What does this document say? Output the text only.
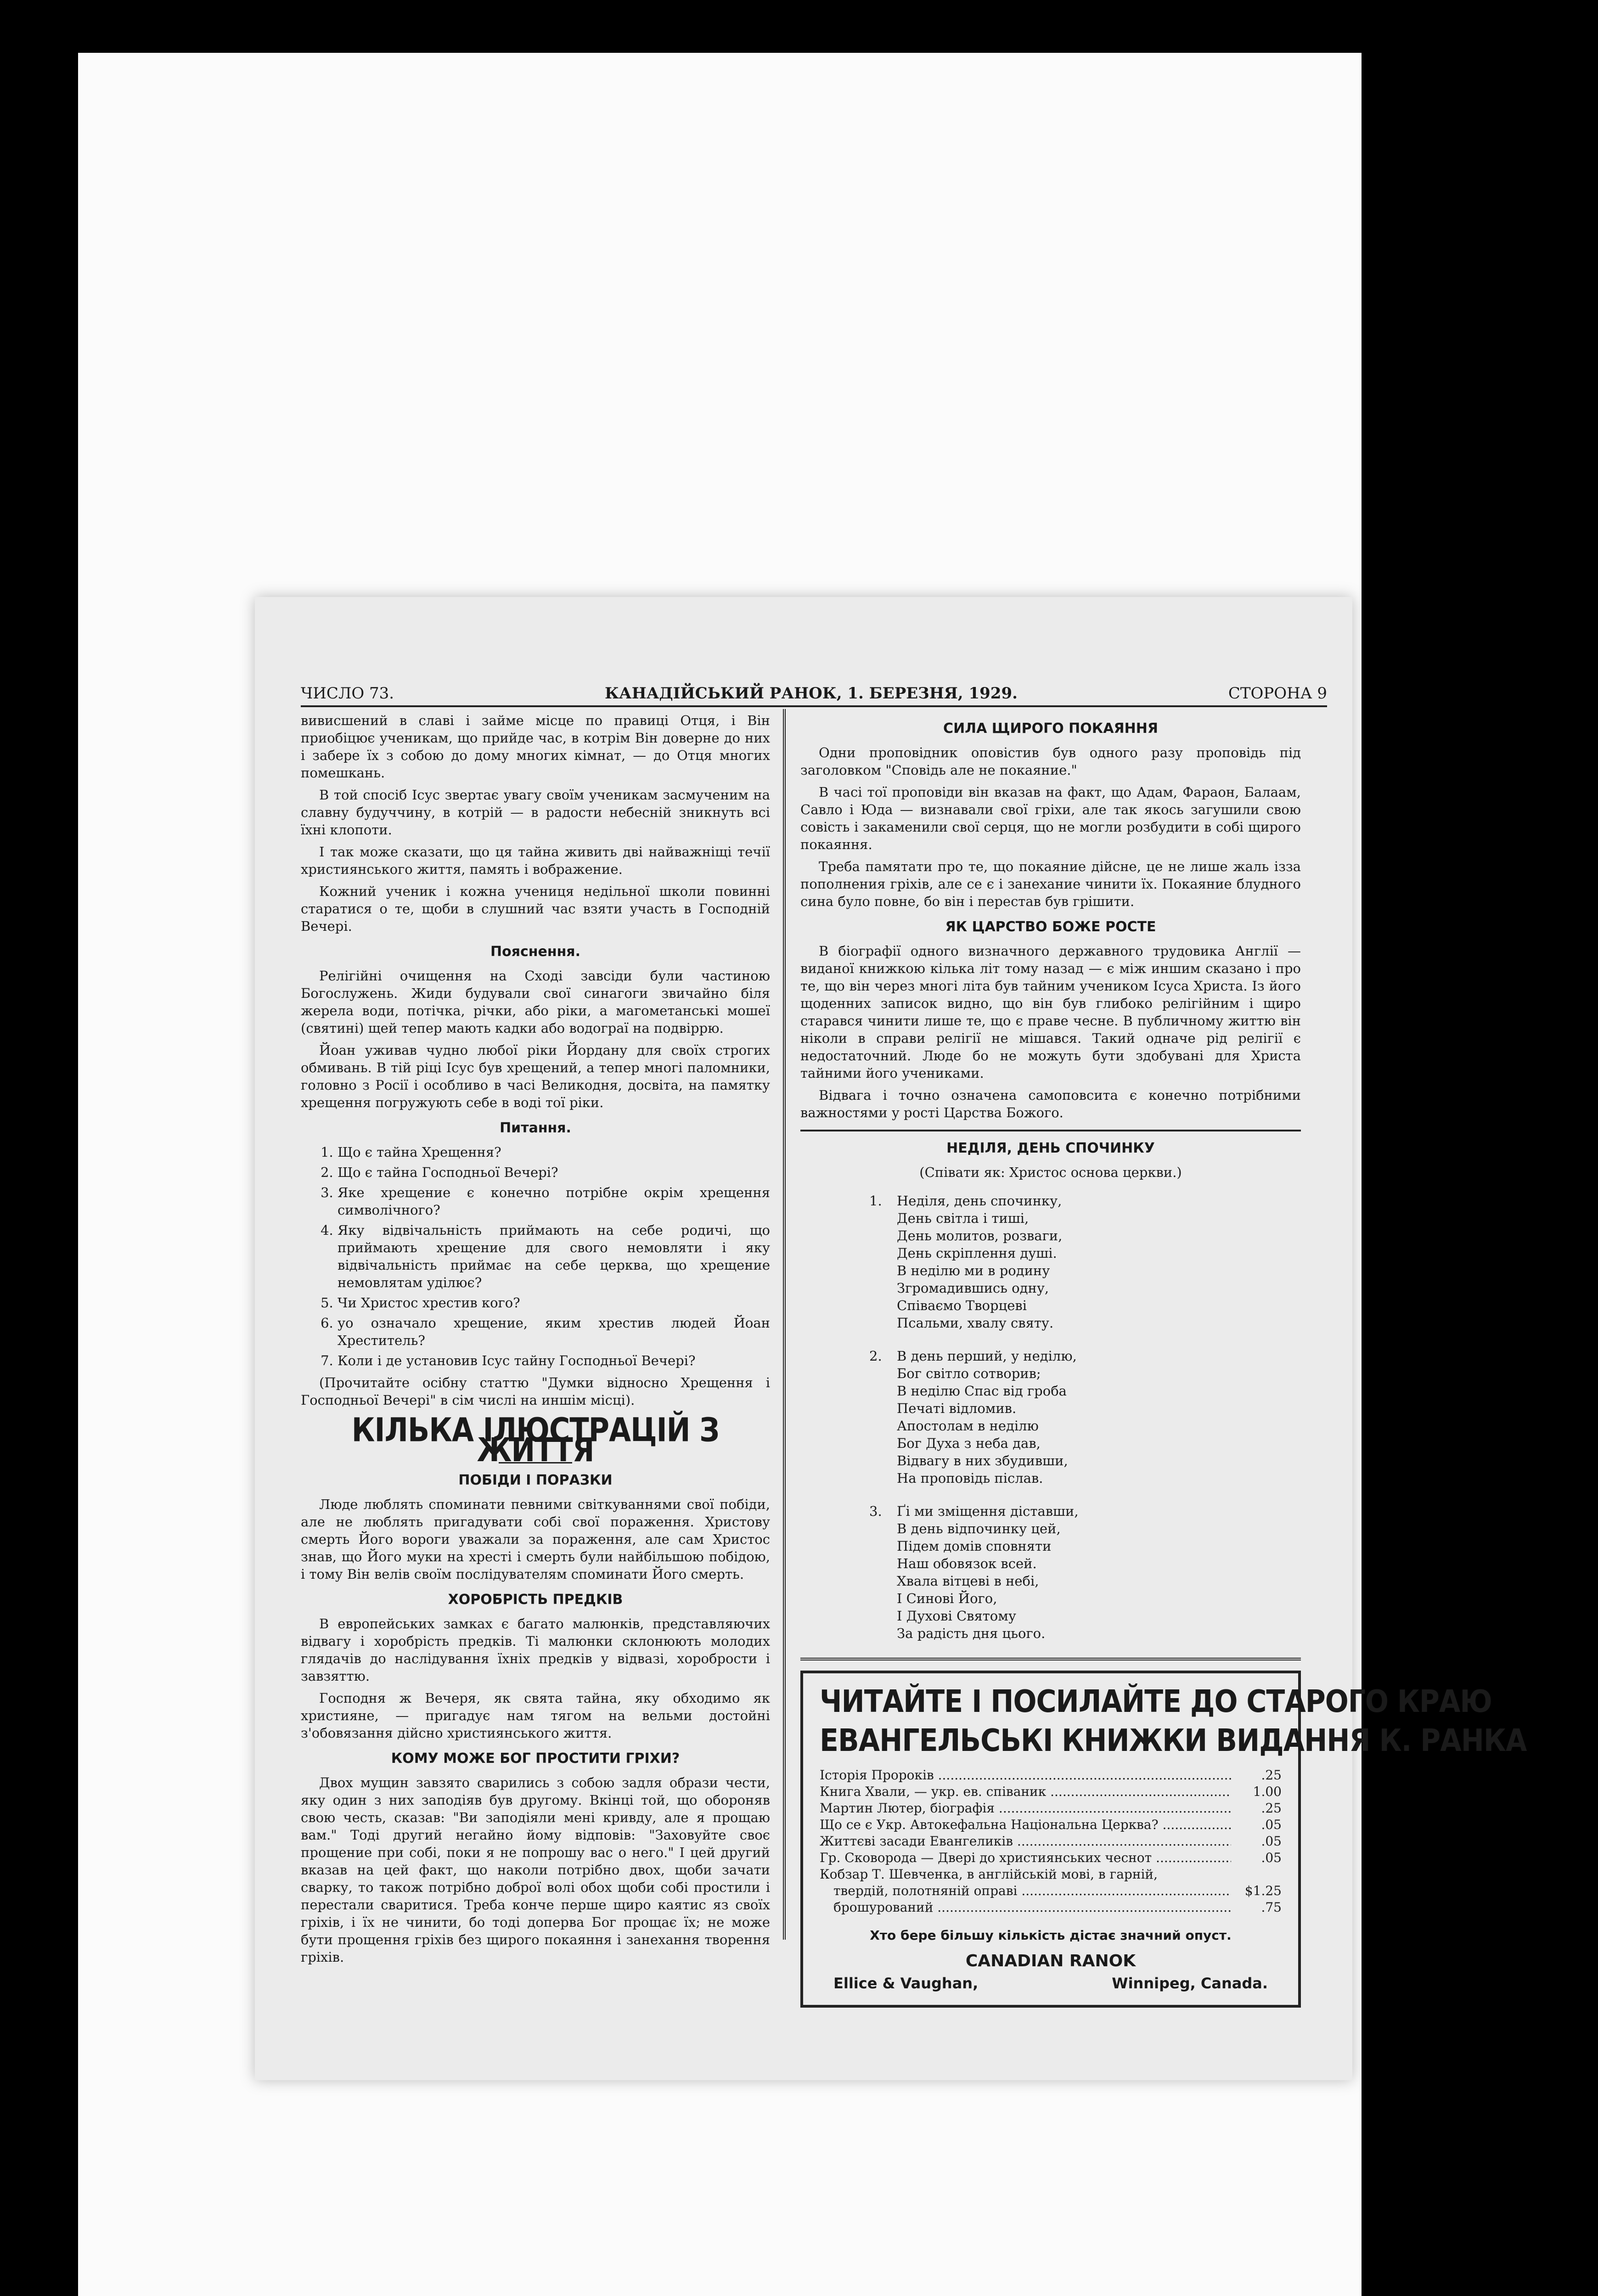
ЧИСЛО 73.	КАНАДІЙСЬКИЙ РАНОК, 1. БЕРЕЗНЯ, 1929.	СТОРОНА 9

вивисшений в славі і займе місце по правиці Отця, і Він приобіцює ученикам, що прийде час, в котрім Він доверне до них і забере їх з собою до дому многих кімнат, — до Отця многих помешкань.

В той спосіб Ісус звертає увагу своїм ученикам засмученим на славну будуччину, в котрій — в радости небесній зникнуть всі їхні клопоти.

І так може сказати, що ця тайна живить дві найважніщі течії християнського життя, память і вображение.

Кожний ученик і кожна учениця недільної школи повинні старатися о те, щоби в слушний час взяти участь в Господній Вечері.

Пояснення.

Релігійні очищення на Сході завсіди були частиною Богослужень. Жиди будували свої синагоги звичайно біля жерела води, потічка, річки, або ріки, а магометанські мошеї (святині) щей тепер мають кадки або водограї на подвіррю.

Йоан уживав чудно любої ріки Йордану для своїх строгих обмивань. В тій ріці Ісус був хрещений, а тепер многі паломники, головно з Росії і особливо в часі Великодня, досвіта, на памятку хрещення погружують себе в воді тої ріки.

Питання.
1. Що є тайна Хрещення?
2. Що є тайна Господньої Вечері?
3. Яке хрещение є конечно потрібне окрім хрещення символічного?
4. Яку відвічальність приймають на себе родичі, що приймають хрещение для свого немовляти і яку відвічальність приймає на себе церква, що хрещение немовлятам уділює?
5. Чи Христос хрестив кого?
6. уо означало хрещение, яким хрестив людей Йоан Хреститель?
7. Коли і де установив Ісус тайну Господньої Вечері?

(Прочитайте осібну статтю "Думки відносно Хрещення і Господньої Вечері" в сім числі на иншім місці).

КІЛЬКА ІЛЮСТРАЦІЙ З ЖИТТЯ
ПОБІДИ І ПОРАЗКИ

Люде люблять споминати певними світкуваннями свої побіди, але не люблять пригадувати собі свої пораження. Христову смерть Його вороги уважали за пораження, але сам Христос знав, що Його муки на хресті і смерть були найбільшою побідою, і тому Він велів своїм послідувателям споминати Його смерть.

ХОРОБРІСТЬ ПРЕДКІВ

В европейських замках є багато малюнків, представляючих відвагу і хоробрість предків. Ті малюнки склонюють молодих глядачів до наслідування їхніх предків у відвазі, хоробрости і завзяттю.

Господня ж Вечеря, як свята тайна, яку обходимо як християне, — пригадує нам тягом на вельми достойні з'обовязання дійсно християнського життя.

КОМУ МОЖЕ БОГ ПРОСТИТИ ГРІХИ?

Двох мущин завзято сварились з собою задля образи чести, яку один з них заподіяв був другому. Вкінці той, що обороняв свою честь, сказав: "Ви заподіяли мені кривду, але я прощаю вам." Тоді другий негайно йому відповів: "Заховуйте своє прощение при собі, поки я не попрошу вас о него." І цей другий вказав на цей факт, що наколи потрібно двох, щоби зачати сварку, то також потрібно доброї волі обох щоби собі простили і перестали сваритися. Треба конче перше щиро каятис яз своїх гріхів, і їх не чинити, бо тоді доперва Бог прощає їх; не може бути прощення гріхів без щирого покаяння і занехання творення гріхів.

СИЛА ЩИРОГО ПОКАЯННЯ

Одни проповідник оповістив був одного разу проповідь під заголовком "Сповідь але не покаяние."

В часі тої проповіди він вказав на факт, що Адам, Фараон, Балаам, Савло і Юда — визнавали свої гріхи, але так якось загушили свою совість і закаменили свої серця, що не могли розбудити в собі щирого покаяння.

Треба памятати про те, що покаяние дійсне, це не лише жаль ізза пополнения гріхів, але се є і занехание чинити їх. Покаяние блудного сина було повне, бо він і перестав був грішити.

ЯК ЦАРСТВО БОЖЕ РОСТЕ

В біографії одного визначного державного трудовика Англії — виданої книжкою кілька літ тому назад — є між иншим сказано і про те, що він через многі літа був тайним учеником Ісуса Христа. Із його щоденних записок видно, що він був глибоко релігійним і щиро старався чинити лише те, що є праве чесне. В публичному життю він ніколи в справи релігії не мішався. Такий одначе рід релігії є недостаточний. Люде бо не можуть бути здобувані для Христа тайними його учениками.

Відвага і точно означена самоповсита є конечно потрібними важностями у рості Царства Божого.

НЕДІЛЯ, ДЕНЬ СПОЧИНКУ
(Співати як: Христос основа церкви.)
1.	Неділя, день спочинку,
День світла і тиші,
День молитов, розваги,
День скріплення душі.
В неділю ми в родину
Згромадившись одну,
Співаємо Творцеві
Псальми, хвалу святу.
2.	В день перший, у неділю,
Бог світло сотворив;
В неділю Спас від гроба
Печаті відломив.
Апостолам в неділю
Бог Духа з неба дав,
Відвагу в них збудивши,
На проповідь післав.
3.	Ґі ми зміщення діставши,
В день відпочинку цей,
Підем домів сповняти
Наш обовязок всей.
Хвала вітцеві в небі,
І Синові Його,
І Духові Святому
За радість дня цього.
ЧИТАЙТЕ І ПОСИЛАЙТЕ ДО СТАРОГО КРАЮ
ЕВАНГЕЛЬСЬКІ КНИЖКИ ВИДАННЯ К. РАНКА
Історія Пророків .....	.25
Книга Хвали, — укр. ев. співаник .....	1.00
Мартин Лютер, біографія .....	.25
Що се є Укр. Автокефальна Національна Церква? .....	.05
Життєві засади Евангеликів .....	.05
Гр. Сковорода — Двері до християнських чеснот .....	.05
Кобзар Т. Шевченка, в англійській мові, в гарній,
твердій, полотняній оправі .....	$1.25
брошурований .....	.75
Хто бере більшу кількість дістає значний опуст.
CANADIAN RANOK
Ellice & Vaughan,	Winnipeg, Canada.
